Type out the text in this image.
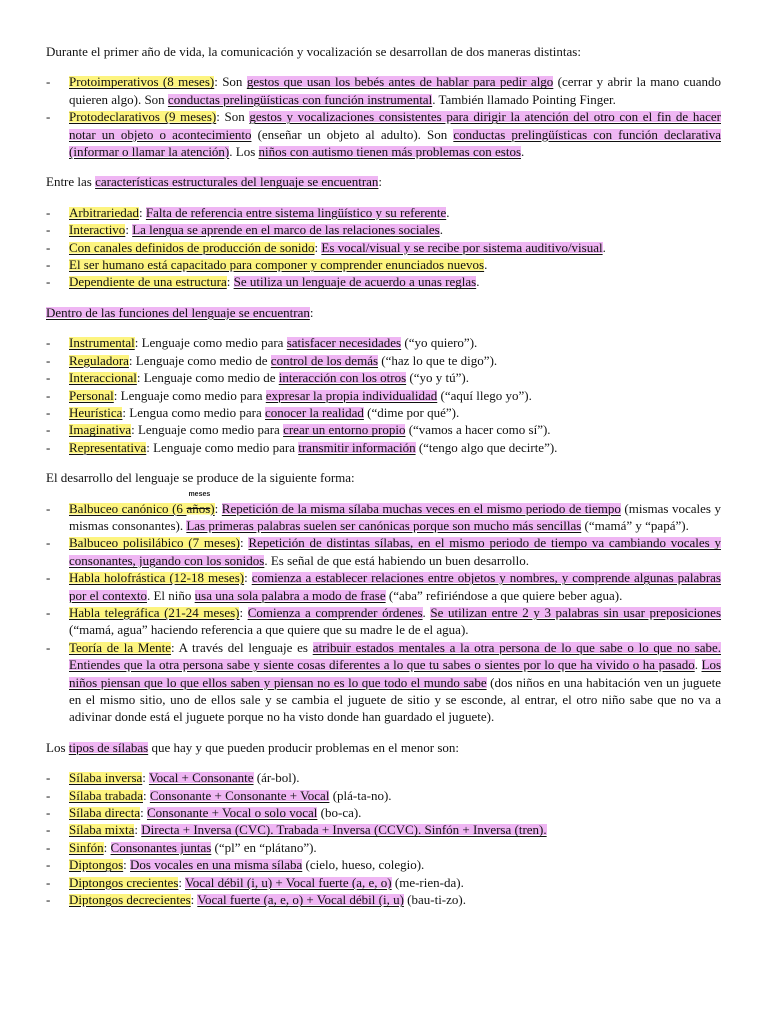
Durante el primer año de vida, la comunicación y vocalización se desarrollan de dos maneras distintas:

- Protoimperativos (8 meses): Son gestos que usan los bebés antes de hablar para pedir algo (cerrar y abrir la mano cuando quieren algo). Son conductas prelingüísticas con función instrumental. También llamado Pointing Finger.
- Protodeclarativos (9 meses): Son gestos y vocalizaciones consistentes para dirigir la atención del otro con el fin de hacer notar un objeto o acontecimiento (enseñar un objeto al adulto). Son conductas prelingüísticas con función declarativa (informar o llamar la atención). Los niños con autismo tienen más problemas con estos.

Entre las características estructurales del lenguaje se encuentran:

- Arbitrariedad: Falta de referencia entre sistema lingüístico y su referente.
- Interactivo: La lengua se aprende en el marco de las relaciones sociales.
- Con canales definidos de producción de sonido: Es vocal/visual y se recibe por sistema auditivo/visual.
- El ser humano está capacitado para componer y comprender enunciados nuevos.
- Dependiente de una estructura: Se utiliza un lenguaje de acuerdo a unas reglas.

Dentro de las funciones del lenguaje se encuentran:

- Instrumental: Lenguaje como medio para satisfacer necesidades (“yo quiero”).
- Reguladora: Lenguaje como medio de control de los demás (“haz lo que te digo”).
- Interaccional: Lenguaje como medio de interacción con los otros (“yo y tú”).
- Personal: Lenguaje como medio para expresar la propia individualidad (“aquí llego yo”).
- Heurística: Lengua como medio para conocer la realidad (“dime por qué”).
- Imaginativa: Lenguaje como medio para crear un entorno propio (“vamos a hacer como sí”).
- Representativa: Lenguaje como medio para transmitir información (“tengo algo que decirte”).

El desarrollo del lenguaje se produce de la siguiente forma:

- Balbuceo canónico (6
meses
años): Repetición de la misma sílaba muchas veces en el mismo periodo de tiempo (mismas vocales y mismas consonantes). Las primeras palabras suelen ser canónicas porque son mucho más sencillas (“mamá” y “papá”).
- Balbuceo polisilábico (7 meses): Repetición de distintas sílabas, en el mismo periodo de tiempo va cambiando vocales y consonantes, jugando con los sonidos. Es señal de que está habiendo un buen desarrollo.
- Habla holofrástica (12-18 meses): comienza a establecer relaciones entre objetos y nombres, y comprende algunas palabras por el contexto. El niño usa una sola palabra a modo de frase (“aba” refiriéndose a que quiere beber agua).
- Habla telegráfica (21-24 meses): Comienza a comprender órdenes. Se utilizan entre 2 y 3 palabras sin usar preposiciones (“mamá, agua” haciendo referencia a que quiere que su madre le de el agua).
- Teoría de la Mente: A través del lenguaje es atribuir estados mentales a la otra persona de lo que sabe o lo que no sabe. Entiendes que la otra persona sabe y siente cosas diferentes a lo que tu sabes o sientes por lo que ha vivido o ha pasado. Los niños piensan que lo que ellos saben y piensan no es lo que todo el mundo sabe (dos niños en una habitación ven un juguete en el mismo sitio, uno de ellos sale y se cambia el juguete de sitio y se esconde, al entrar, el otro niño sabe que no va a adivinar donde está el juguete porque no ha visto donde han guardado el juguete).

Los tipos de sílabas que hay y que pueden producir problemas en el menor son:

- Sílaba inversa: Vocal + Consonante (ár-bol).
- Sílaba trabada: Consonante + Consonante + Vocal (plá-ta-no).
- Sílaba directa: Consonante + Vocal o solo vocal (bo-ca).
- Sílaba mixta: Directa + Inversa (CVC). Trabada + Inversa (CCVC). Sinfón + Inversa (tren).
- Sinfón: Consonantes juntas (“pl” en “plátano”).
- Diptongos: Dos vocales en una misma sílaba (cielo, hueso, colegio).
- Diptongos crecientes: Vocal débil (i, u) + Vocal fuerte (a, e, o) (me-rien-da).
- Diptongos decrecientes: Vocal fuerte (a, e, o) + Vocal débil (i, u) (bau-ti-zo).
